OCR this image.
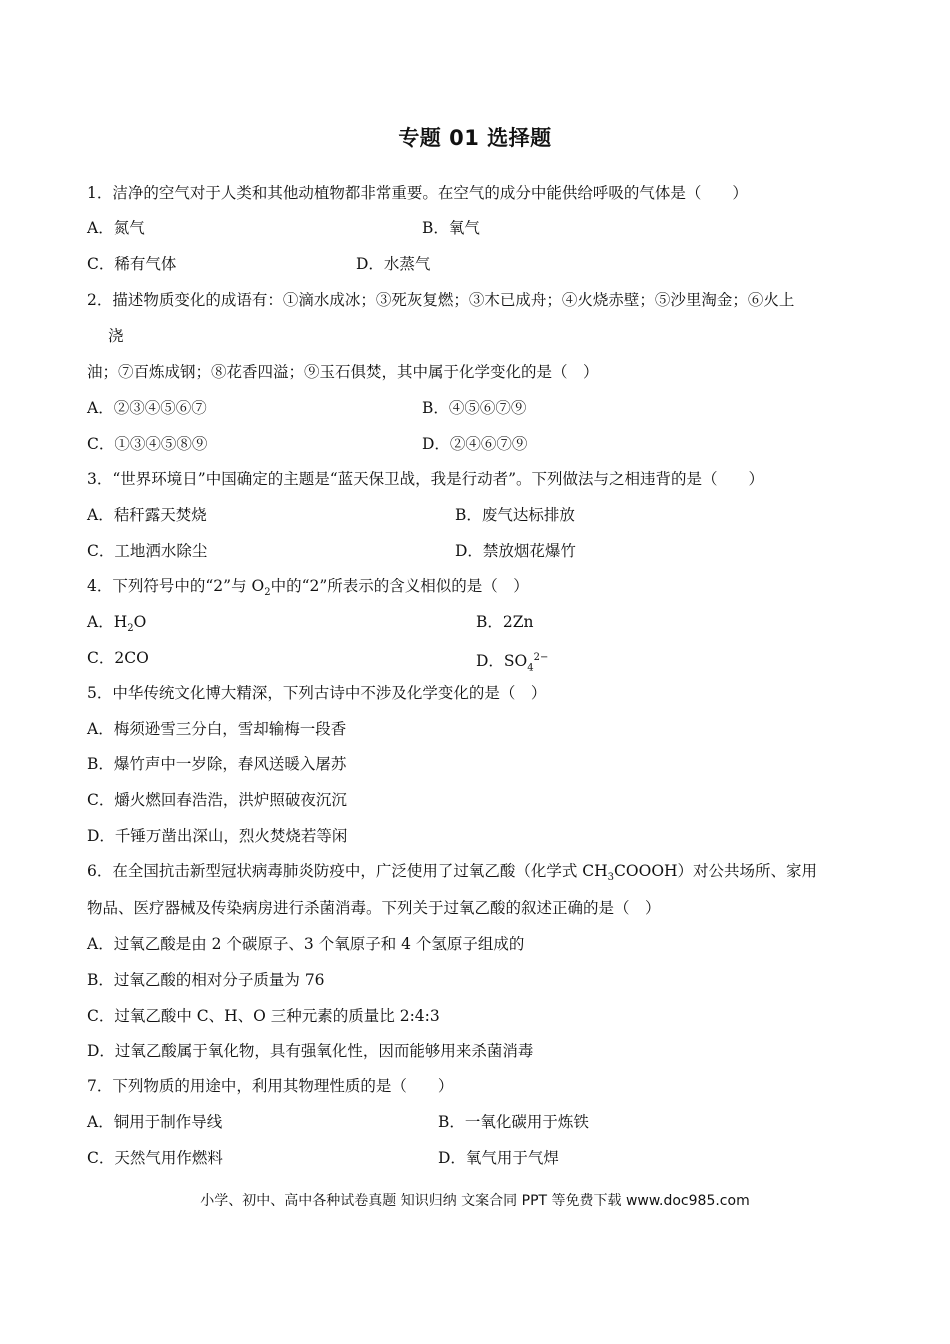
专题 01 选择题
1．洁净的空气对于人类和其他动植物都非常重要。在空气的成分中能供给呼吸的气体是（　　）
A．氮气	B．氧气
C．稀有气体	D．水蒸气
2．描述物质变化的成语有：①滴水成冰；③死灰复燃；③木已成舟；④火烧赤壁；⑤沙里淘金；⑥火上
浇
油；⑦百炼成钢；⑧花香四溢；⑨玉石俱焚，其中属于化学变化的是（　）
A．②③④⑤⑥⑦	B．④⑤⑥⑦⑨
C．①③④⑤⑧⑨	D．②④⑥⑦⑨
3．“世界环境日”中国确定的主题是“蓝天保卫战，我是行动者”。下列做法与之相违背的是（　　）
A．秸秆露天焚烧	B．废气达标排放
C．工地洒水除尘	D．禁放烟花爆竹
4．下列符号中的“2”与 $O_2$中的“2”所表示的含义相似的是（　）
A．$H_2O$	B．2Zn
C．2CO	D．$SO_4^{2-}$
5．中华传统文化博大精深，下列古诗中不涉及化学变化的是（　）
A．梅须逊雪三分白，雪却输梅一段香
B．爆竹声中一岁除，春风送暖入屠苏
C．爝火燃回春浩浩，洪炉照破夜沉沉
D．千锤万凿出深山，烈火焚烧若等闲
6．在全国抗击新型冠状病毒肺炎防疫中，广泛使用了过氧乙酸（化学式 $CH_3COOOH$）对公共场所、家用
物品、医疗器械及传染病房进行杀菌消毒。下列关于过氧乙酸的叙述正确的是（　）
A．过氧乙酸是由 2 个碳原子、3 个氧原子和 4 个氢原子组成的
B．过氧乙酸的相对分子质量为 76
C．过氧乙酸中 C、H、O 三种元素的质量比 2:4:3
D．过氧乙酸属于氧化物，具有强氧化性，因而能够用来杀菌消毒
7．下列物质的用途中，利用其物理性质的是（　　）
A．铜用于制作导线	B．一氧化碳用于炼铁
C．天然气用作燃料	D．氧气用于气焊
小学、初中、高中各种试卷真题 知识归纳 文案合同 PPT 等免费下载 www.doc985.com
